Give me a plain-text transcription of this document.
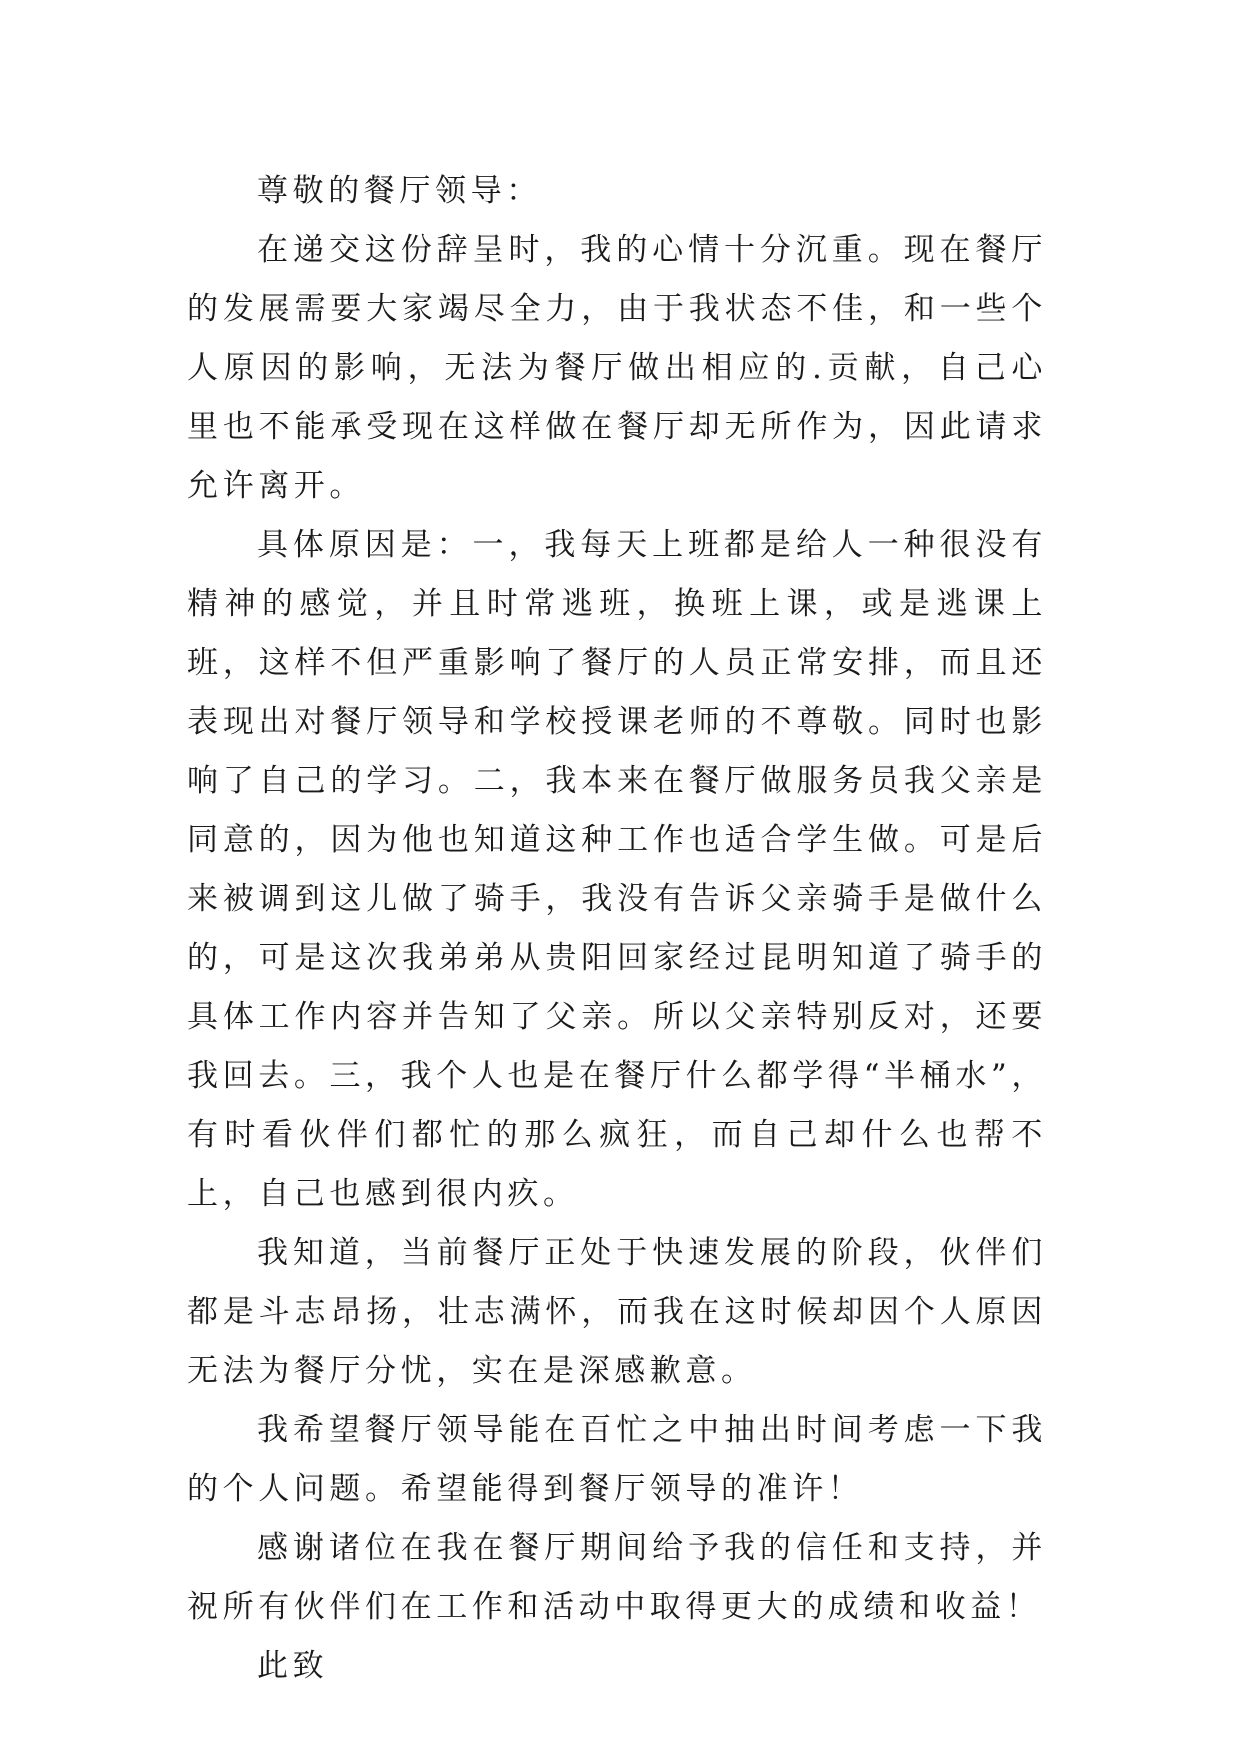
尊敬的餐厅领导：

在递交这份辞呈时，我的心情十分沉重。现在餐厅的发展需要大家竭尽全力，由于我状态不佳，和一些个人原因的影响，无法为餐厅做出相应的.贡献，自己心里也不能承受现在这样做在餐厅却无所作为，因此请求允许离开。

具体原因是：一，我每天上班都是给人一种很没有精神的感觉，并且时常逃班，换班上课，或是逃课上班，这样不但严重影响了餐厅的人员正常安排，而且还表现出对餐厅领导和学校授课老师的不尊敬。同时也影响了自己的学习。二，我本来在餐厅做服务员我父亲是同意的，因为他也知道这种工作也适合学生做。可是后来被调到这儿做了骑手，我没有告诉父亲骑手是做什么的，可是这次我弟弟从贵阳回家经过昆明知道了骑手的具体工作内容并告知了父亲。所以父亲特别反对，还要我回去。三，我个人也是在餐厅什么都学得“半桶水”，有时看伙伴们都忙的那么疯狂，而自己却什么也帮不上，自己也感到很内疚。

我知道，当前餐厅正处于快速发展的阶段，伙伴们都是斗志昂扬，壮志满怀，而我在这时候却因个人原因无法为餐厅分忧，实在是深感歉意。

我希望餐厅领导能在百忙之中抽出时间考虑一下我的个人问题。希望能得到餐厅领导的准许！

感谢诸位在我在餐厅期间给予我的信任和支持，并祝所有伙伴们在工作和活动中取得更大的成绩和收益！

此致
